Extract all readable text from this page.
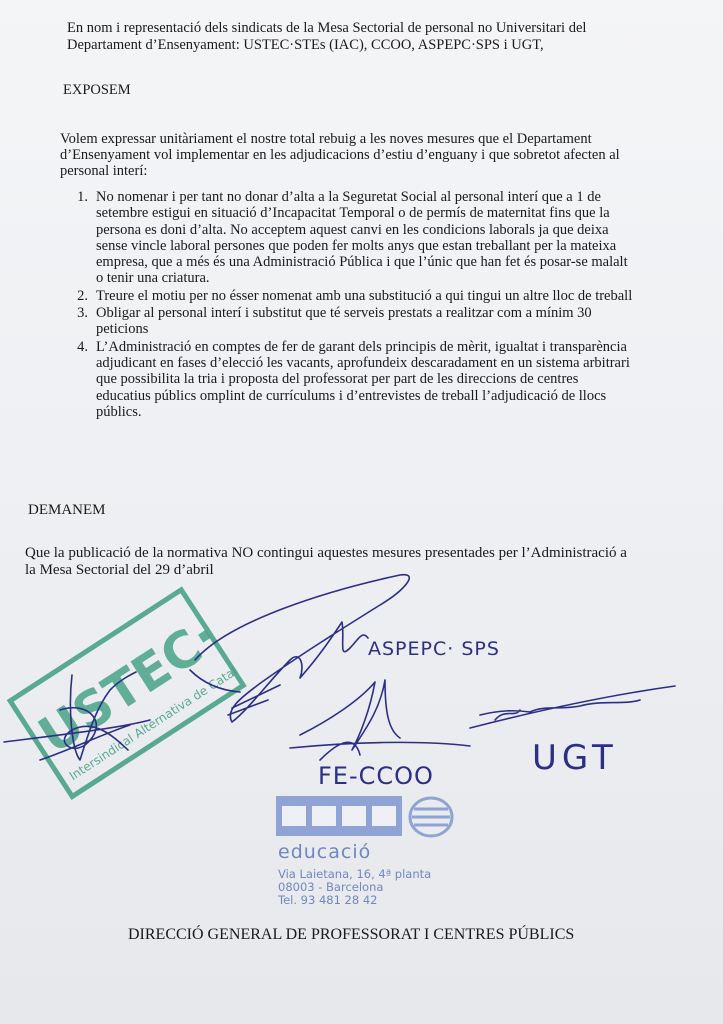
En nom i representació dels sindicats de la Mesa Sectorial de personal no Universitari del
Departament d’Ensenyament: USTEC·STEs (IAC), CCOO, ASPEPC·SPS i UGT,
EXPOSEM
Volem expressar unitàriament el nostre total rebuig a les noves mesures que el Departament
d’Ensenyament vol implementar en les adjudicacions d’estiu d’enguany i que sobretot afecten al
personal interí:
1. No nomenar i per tant no donar d’alta a la Seguretat Social al personal interí que a 1 de
setembre estigui en situació d’Incapacitat Temporal o de permís de maternitat fins que la
persona es doni d’alta. No acceptem aquest canvi en les condicions laborals ja que deixa
sense vincle laboral persones que poden fer molts anys que estan treballant per la mateixa
empresa, que a més és una Administració Pública i que l’únic que han fet és posar-se malalt
o tenir una criatura.
2. Treure el motiu per no ésser nomenat amb una substitució a qui tingui un altre lloc de treball
3. Obligar al personal interí i substitut que té serveis prestats a realitzar com a mínim 30
peticions
4. L’Administració en comptes de fer de garant dels principis de mèrit, igualtat i transparència
adjudicant en fases d’elecció les vacants, aprofundeix descaradament en un sistema arbitrari
que possibilita la tria i proposta del professorat per part de les direccions de centres
educatius públics omplint de currículums i d’entrevistes de treball l’adjudicació de llocs
públics.
DEMANEM
Que la publicació de la normativa NO contingui aquestes mesures presentades per l’Administració a
la Mesa Sectorial del 29 d’abril
USTEC·STEs
Intersindical Alternativa de Catalunya	ASPEPC· SPS
FE-CCOO	UGT
educació
Via Laietana, 16, 4ª planta
08003 - Barcelona
Tel. 93 481 28 42
DIRECCIÓ GENERAL DE PROFESSORAT I CENTRES PÚBLICS
